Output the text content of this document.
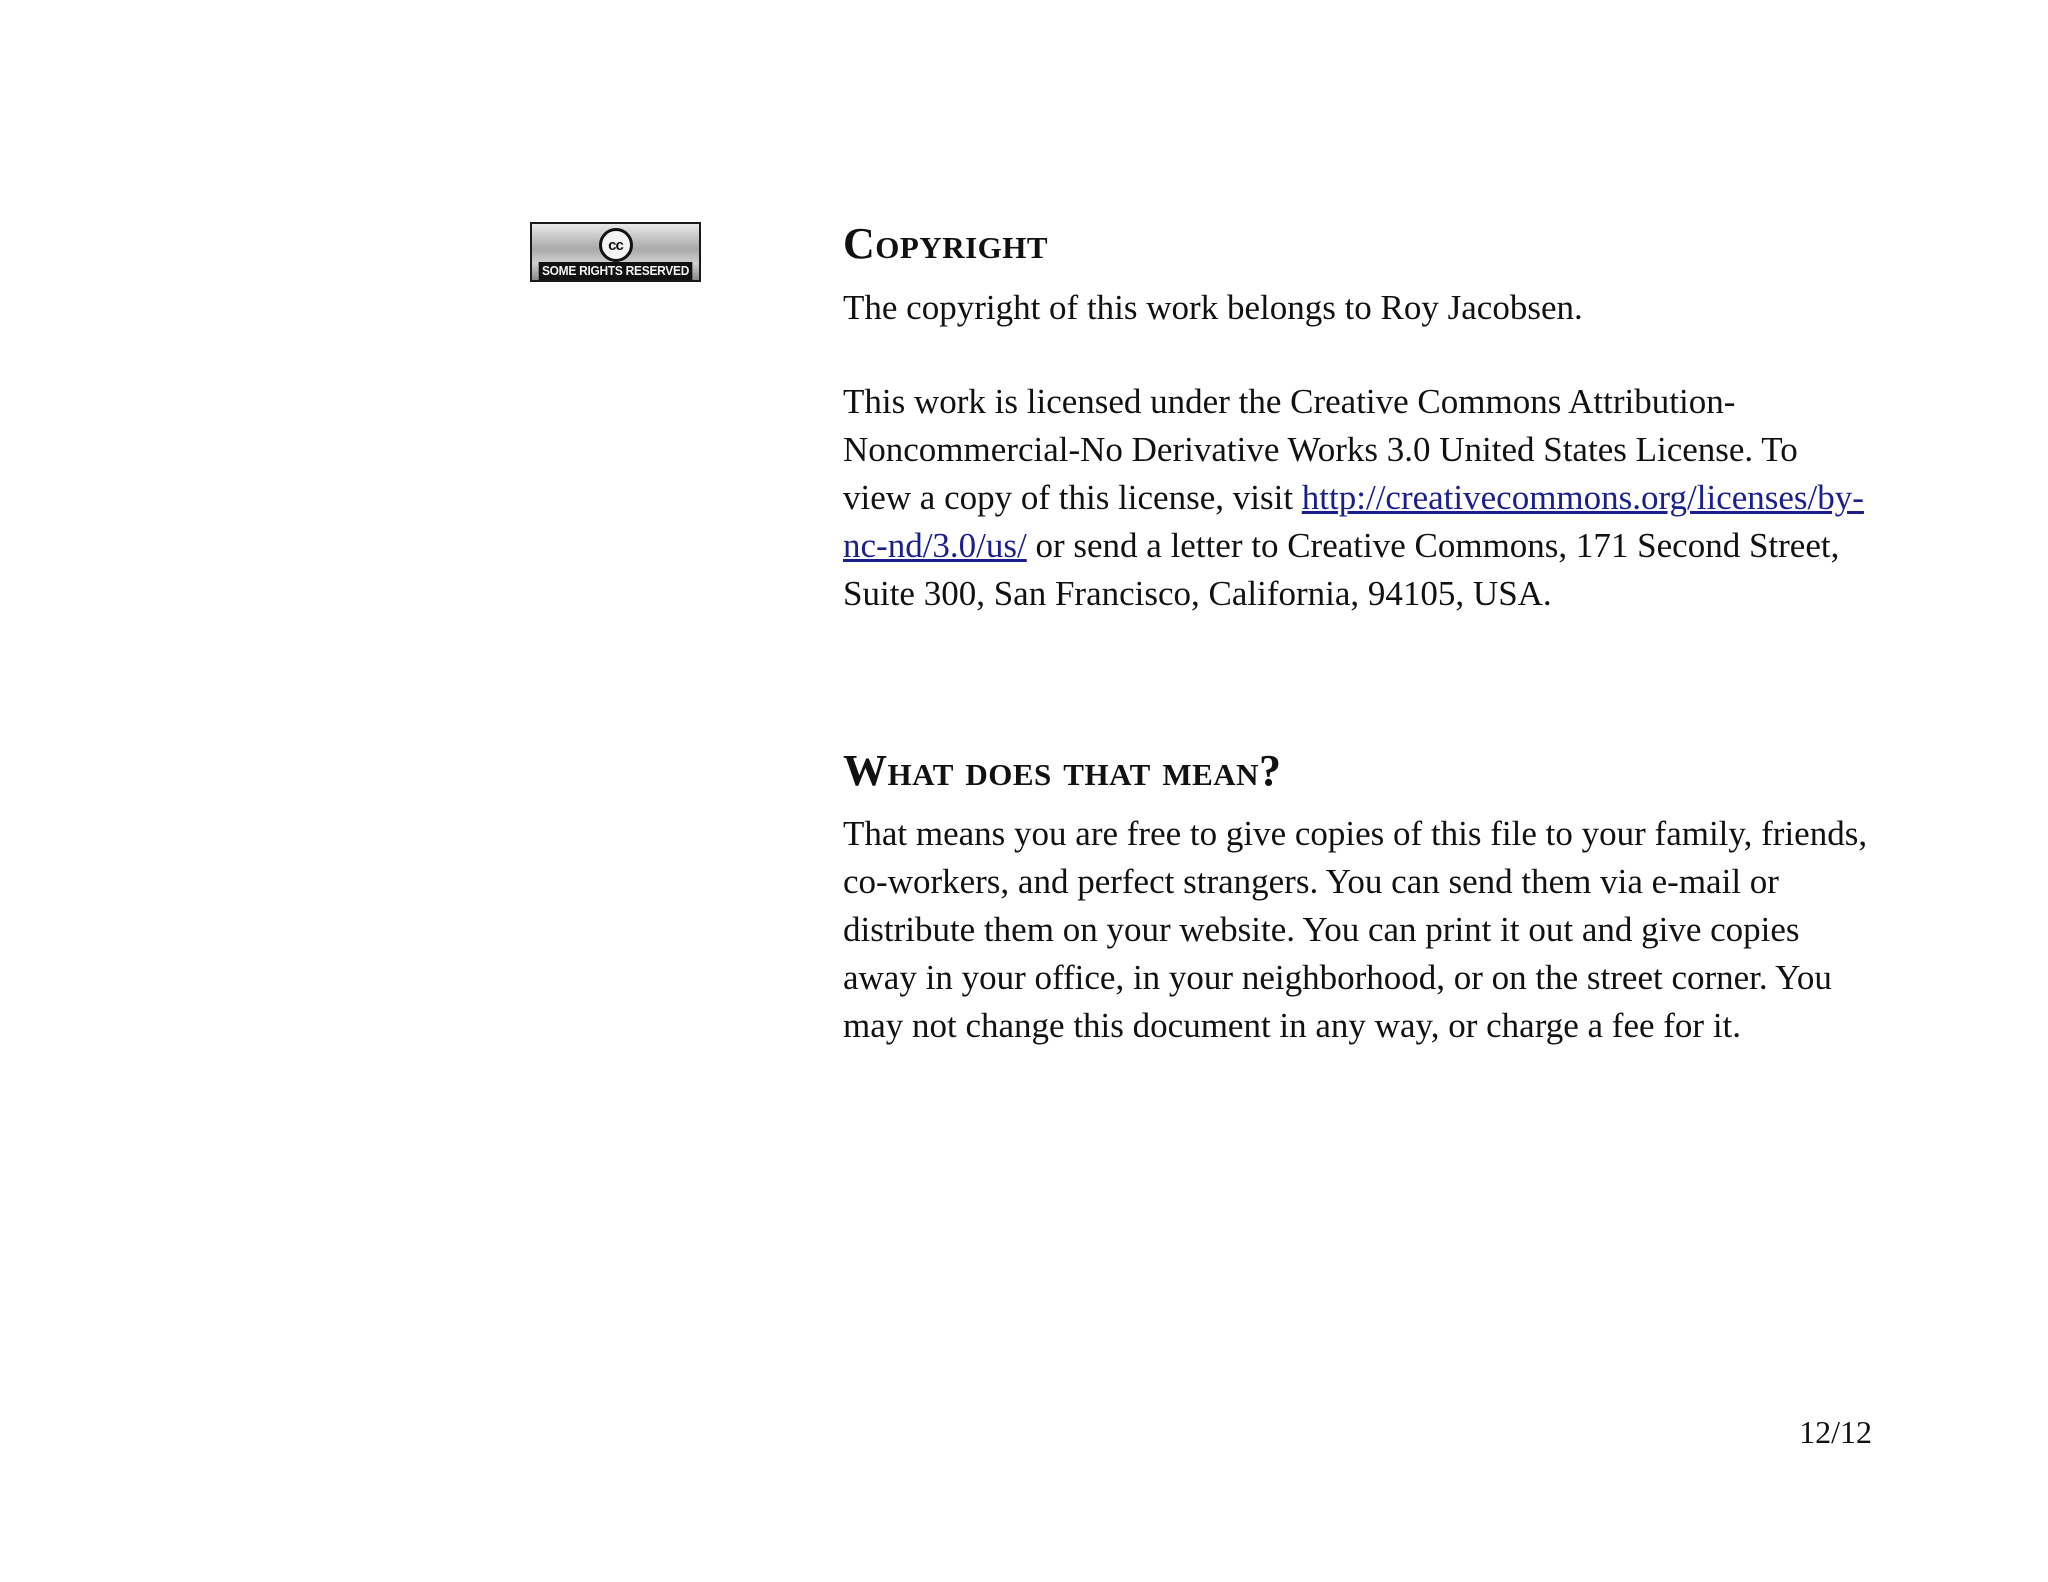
cc
SOME RIGHTS RESERVED
Copyright

The copyright of this work belongs to Roy Jacobsen.

This work is licensed under the Creative Commons Attribution-Noncommercial-No Derivative Works 3.0 United States License. To view a copy of this license, visit http://creativecommons.org/licenses/by-nc-nd/3.0/us/ or send a letter to Creative Commons, 171 Second Street, Suite 300, San Francisco, California, 94105, USA.

What does that mean?

That means you are free to give copies of this file to your family, friends, co-workers, and perfect strangers. You can send them via e-mail or distribute them on your website. You can print it out and give copies away in your office, in your neighborhood, or on the street corner. You may not change this document in any way, or charge a fee for it.

12/12
